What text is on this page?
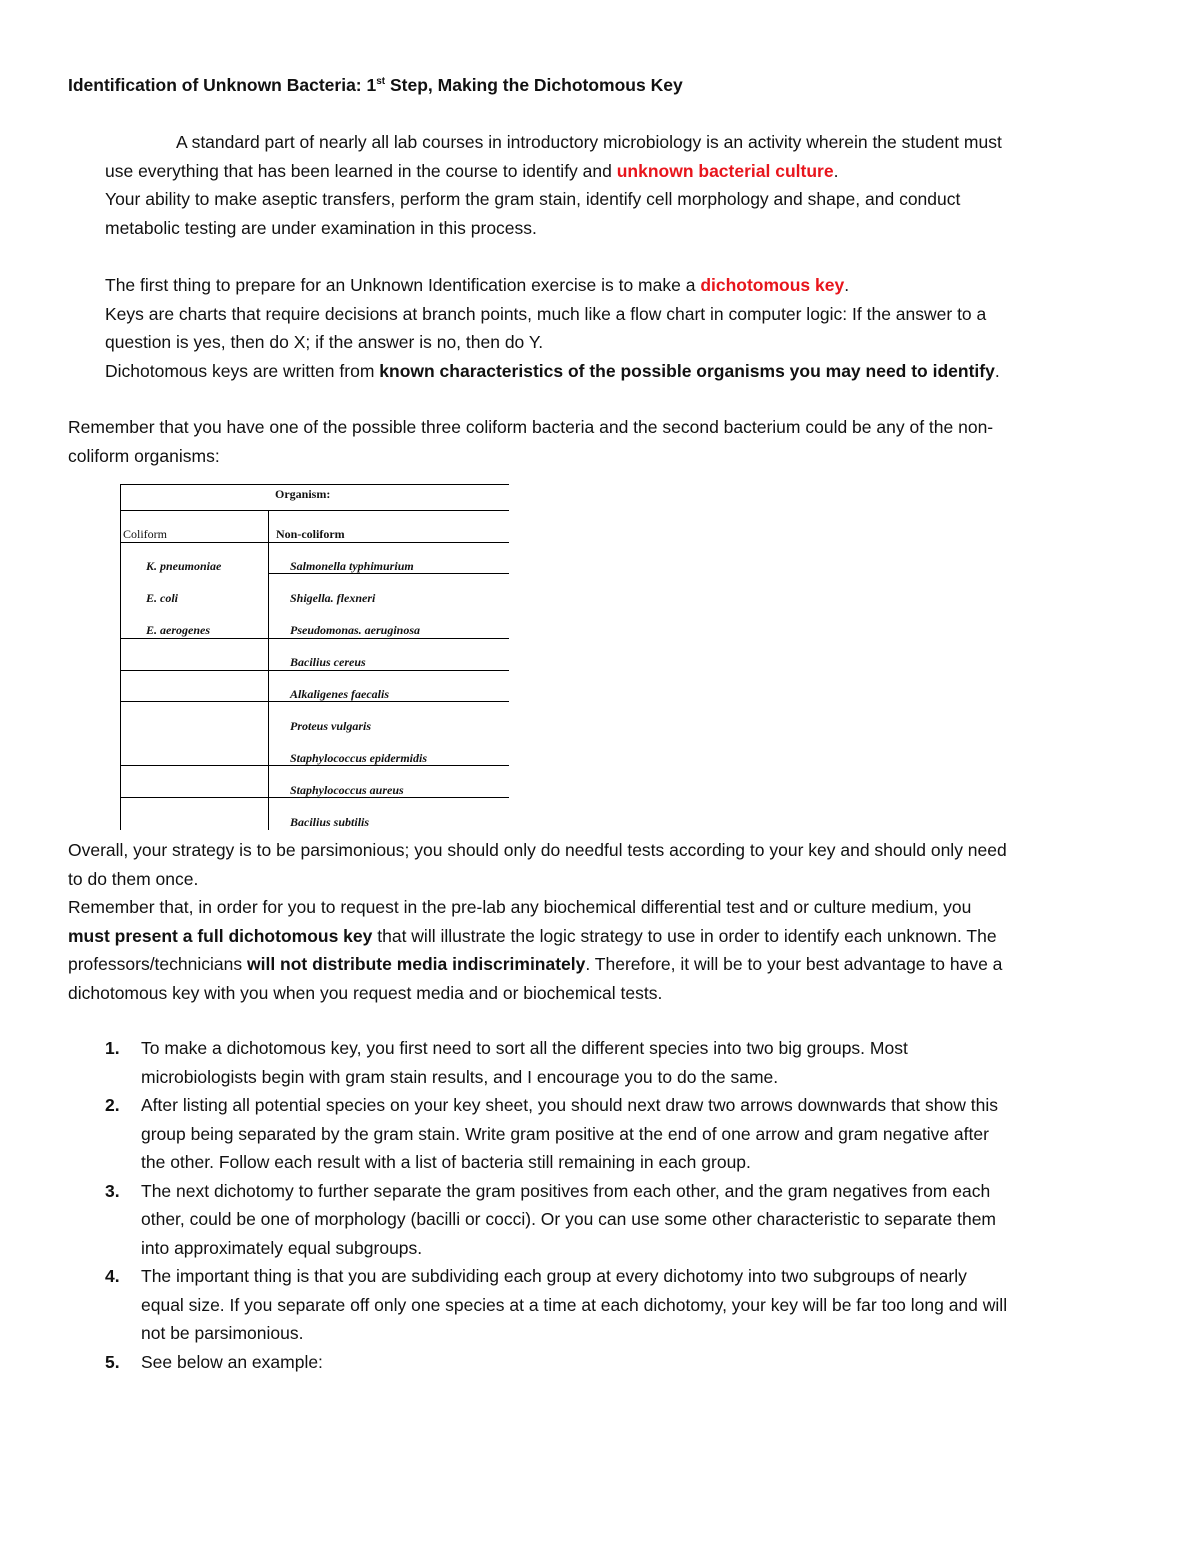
Identification of Unknown Bacteria: 1st Step, Making the Dichotomous Key
A standard part of nearly all lab courses in introductory microbiology is an activity wherein the student must
use everything that has been learned in the course to identify and unknown bacterial culture.
Your ability to make aseptic transfers, perform the gram stain, identify cell morphology and shape, and conduct
metabolic testing are under examination in this process.
The first thing to prepare for an Unknown Identification exercise is to make a dichotomous key.
Keys are charts that require decisions at branch points, much like a flow chart in computer logic: If the answer to a
question is yes, then do X; if the answer is no, then do Y.
Dichotomous keys are written from known characteristics of the possible organisms you may need to identify.
Remember that you have one of the possible three coliform bacteria and the second bacterium could be any of the non-
coliform organisms:
Organism:
Coliform	Non-coliform
K. pneumoniae
E. coli
E. aerogenes
Salmonella typhimurium
Shigella. flexneri
Pseudomonas. aeruginosa
Bacilius cereus
Alkaligenes faecalis
Proteus vulgaris
Staphylococcus epidermidis
Staphylococcus aureus
Bacilius subtilis
Overall, your strategy is to be parsimonious; you should only do needful tests according to your key and should only need
to do them once.
Remember that, in order for you to request in the pre-lab any biochemical differential test and or culture medium, you
must present a full dichotomous key that will illustrate the logic strategy to use in order to identify each unknown. The
professors/technicians will not distribute media indiscriminately. Therefore, it will be to your best advantage to have a
dichotomous key with you when you request media and or biochemical tests.
1. To make a dichotomous key, you first need to sort all the different species into two big groups. Most
microbiologists begin with gram stain results, and I encourage you to do the same.
2. After listing all potential species on your key sheet, you should next draw two arrows downwards that show this
group being separated by the gram stain. Write gram positive at the end of one arrow and gram negative after
the other. Follow each result with a list of bacteria still remaining in each group.
3. The next dichotomy to further separate the gram positives from each other, and the gram negatives from each
other, could be one of morphology (bacilli or cocci). Or you can use some other characteristic to separate them
into approximately equal subgroups.
4. The important thing is that you are subdividing each group at every dichotomy into two subgroups of nearly
equal size. If you separate off only one species at a time at each dichotomy, your key will be far too long and will
not be parsimonious.
5. See below an example:
